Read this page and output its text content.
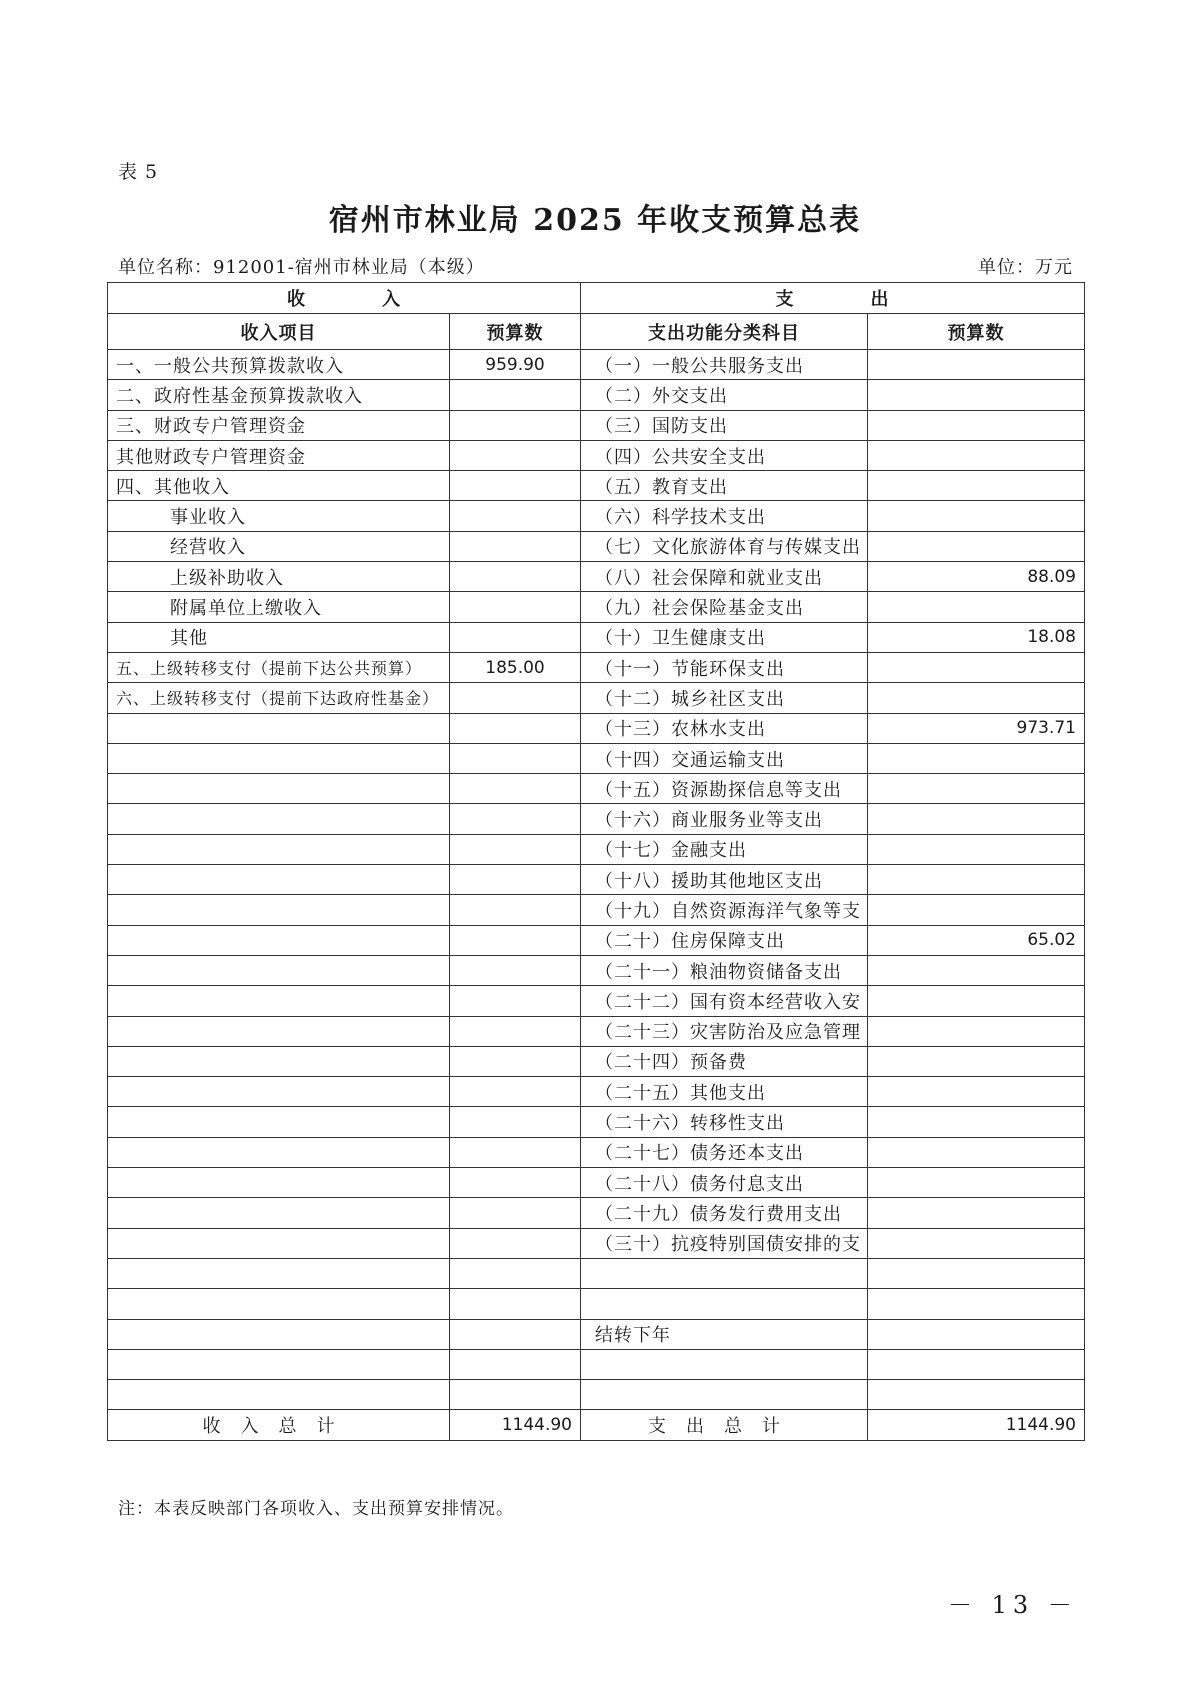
表 5
宿州市林业局 2025 年收支预算总表
单位名称：912001-宿州市林业局（本级）	单位：万元
收　　　　入		支　　　　出	
收入项目	预算数	支出功能分类科目	预算数
一、一般公共预算拨款收入	959.90	（一）一般公共服务支出	
二、政府性基金预算拨款收入		（二）外交支出	
三、财政专户管理资金		（三）国防支出	
其他财政专户管理资金		（四）公共安全支出	
四、其他收入		（五）教育支出	
事业收入		（六）科学技术支出	
经营收入		（七）文化旅游体育与传媒支出	
上级补助收入		（八）社会保障和就业支出	88.09
附属单位上缴收入		（九）社会保险基金支出	
其他		（十）卫生健康支出	18.08
五、上级转移支付（提前下达公共预算）	185.00	（十一）节能环保支出	
六、上级转移支付（提前下达政府性基金）		（十二）城乡社区支出	
		（十三）农林水支出	973.71
		（十四）交通运输支出	
		（十五）资源勘探信息等支出	
		（十六）商业服务业等支出	
		（十七）金融支出	
		（十八）援助其他地区支出	
		（十九）自然资源海洋气象等支	
		（二十）住房保障支出	65.02
		（二十一）粮油物资储备支出	
		（二十二）国有资本经营收入安	
		（二十三）灾害防治及应急管理	
		（二十四）预备费	
		（二十五）其他支出	
		（二十六）转移性支出	
		（二十七）债务还本支出	
		（二十八）债务付息支出	
		（二十九）债务发行费用支出	
		（三十）抗疫特别国债安排的支	

		结转下年	

收入总计	1144.90	支出总计	1144.90
注：本表反映部门各项收入、支出预算安排情况。
－ 13 －
